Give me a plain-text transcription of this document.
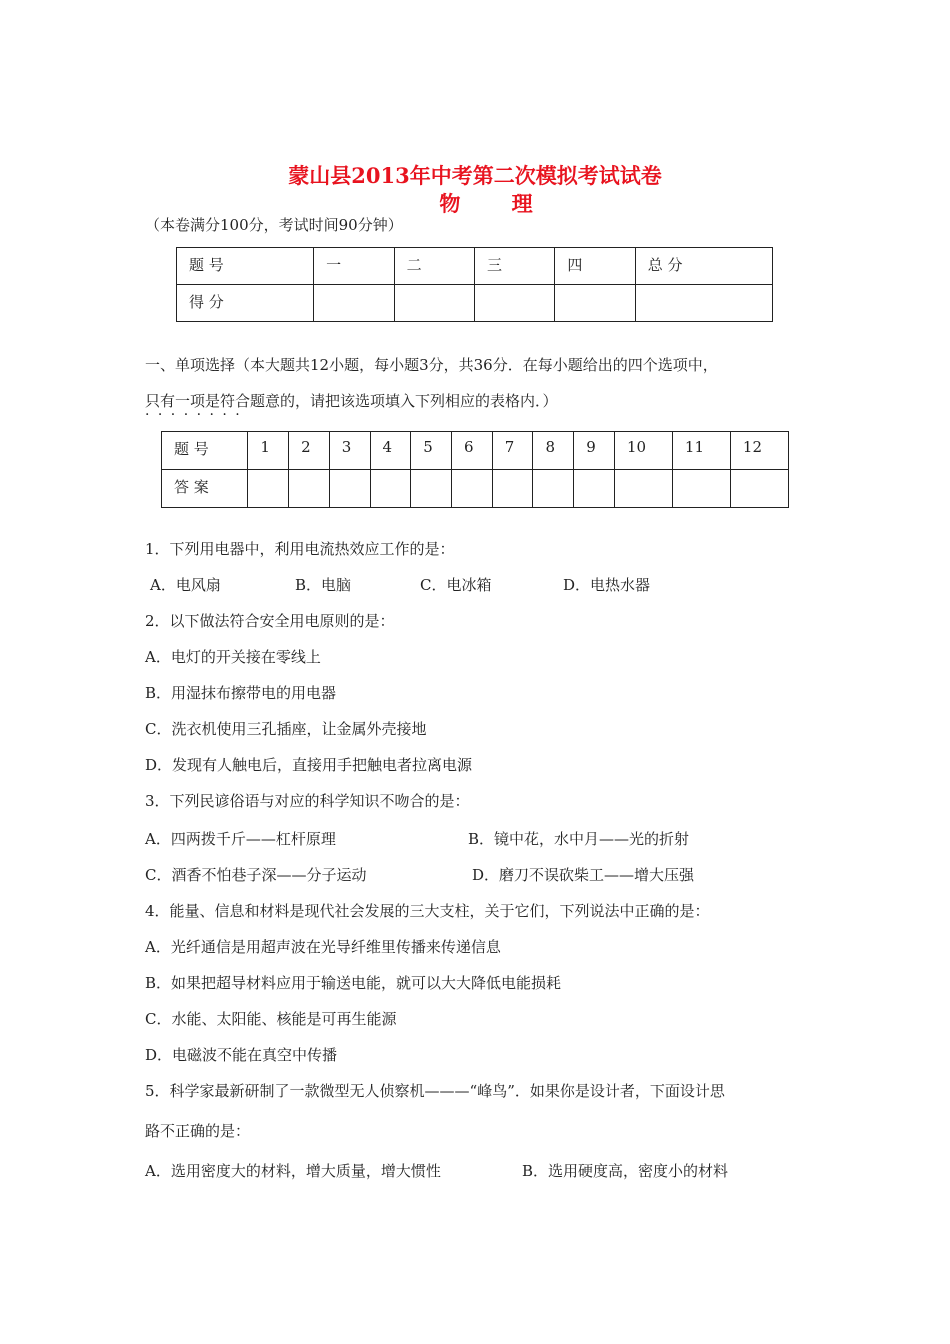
蒙山县2013年中考第二次模拟考试试卷
物 理
（本卷满分100分，考试时间90分钟）
题 号	一	二	三	四	总 分
得 分					
一、单项选择（本大题共12小题，每小题3分，共36分．在每小题给出的四个选项中，
只有一项是符合题意的，请把该选项填入下列相应的表格内．） · · ·
题 号	1	2	3	4	5	6	7	8	9	10	11	12
答 案												
1．下列用电器中，利用电流热效应工作的是：
A．电风扇	B．电脑	C．电冰箱	D．电热水器
2．以下做法符合安全用电原则的是：
A．电灯的开关接在零线上
B．用湿抹布擦带电的用电器
C．洗衣机使用三孔插座，让金属外壳接地
D．发现有人触电后，直接用手把触电者拉离电源
3．下列民谚俗语与对应的科学知识不吻合的是：
A．四两拨千斤——杠杆原理	B．镜中花，水中月——光的折射
C．酒香不怕巷子深——分子运动	D．磨刀不误砍柴工——增大压强
4．能量、信息和材料是现代社会发展的三大支柱，关于它们，下列说法中正确的是：
A．光纤通信是用超声波在光导纤维里传播来传递信息
B．如果把超导材料应用于输送电能，就可以大大降低电能损耗
C．水能、太阳能、核能是可再生能源
D．电磁波不能在真空中传播
5．科学家最新研制了一款微型无人侦察机———“峰鸟”．如果你是设计者，下面设计思
路不正确的是：
A．选用密度大的材料，增大质量，增大惯性	B．选用硬度高，密度小的材料
